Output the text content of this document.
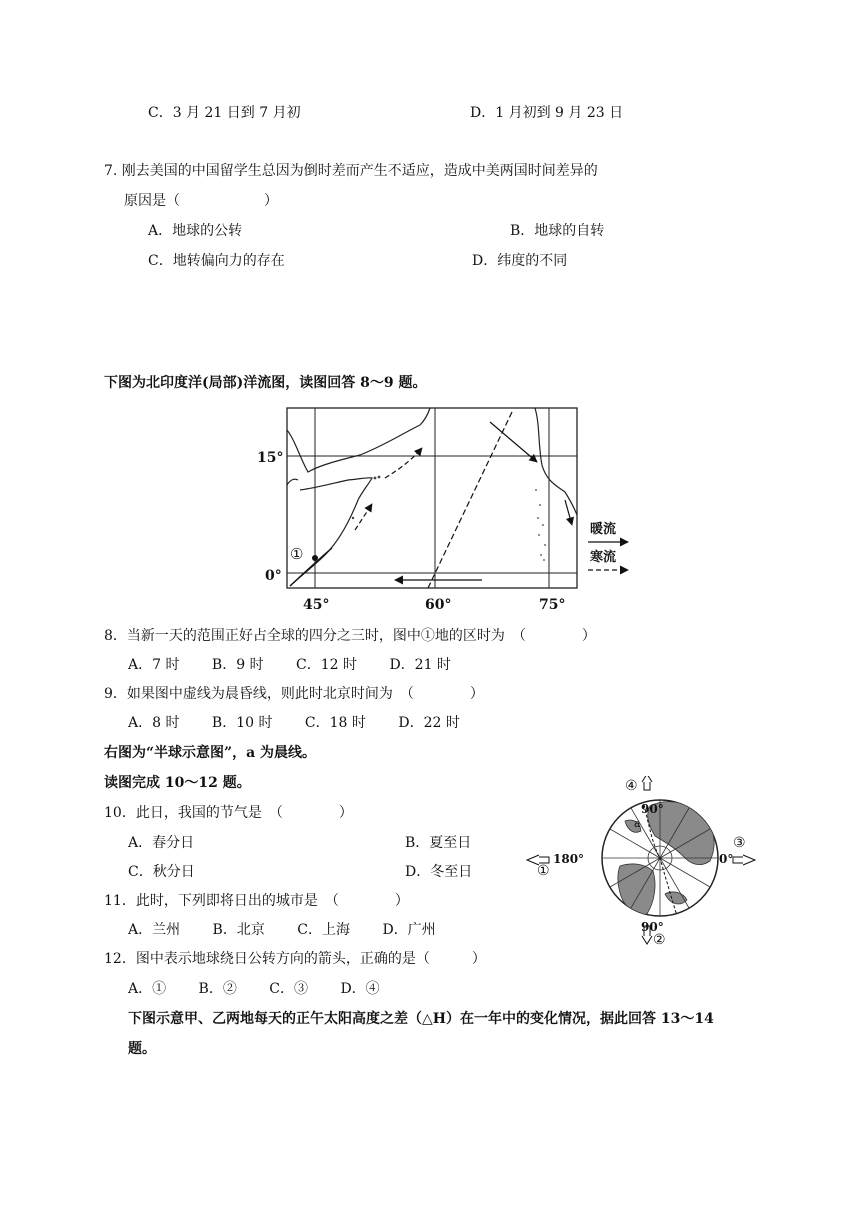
C．3 月 21 日到 7 月初	D．1 月初到 9 月 23 日
7. 刚去美国的中国留学生总因为倒时差而产生不适应，造成中美两国时间差异的
原因是（　　　　　　）
A．地球的公转	B．地球的自转
C．地转偏向力的存在	D．纬度的不同
下图为北印度洋(局部)洋流图，读图回答 8～9 题。
15°
0°
45°	60°	75°
①
暖流
寒流
8．当新一天的范围正好占全球的四分之三时，图中①地的区时为　（　　　　）
A．7 时　　 B．9 时　　 C．12 时　　 D．21 时
9．如果图中虚线为晨昏线，则此时北京时间为　（　　　　）
A．8 时　　 B．10 时　　 C．18 时　　 D．22 时
右图为“半球示意图”，a 为晨线。
读图完成 10～12 题。
10．此日，我国的节气是　（　　　　）
A．春分日	B．夏至日
C．秋分日	D．冬至日
11．此时，下列即将日出的城市是　（　　　　）
A．兰州　　 B．北京　　 C．上海　　 D．广州
12．图中表示地球绕日公转方向的箭头，正确的是（　　　）
A．①　　 B．②　　 C．③　　 D．④
④
90°
90°
②
180°
①
0°
③
a
下图示意甲、乙两地每天的正午太阳高度之差（△H）在一年中的变化情况，据此回答 13～14
题。
